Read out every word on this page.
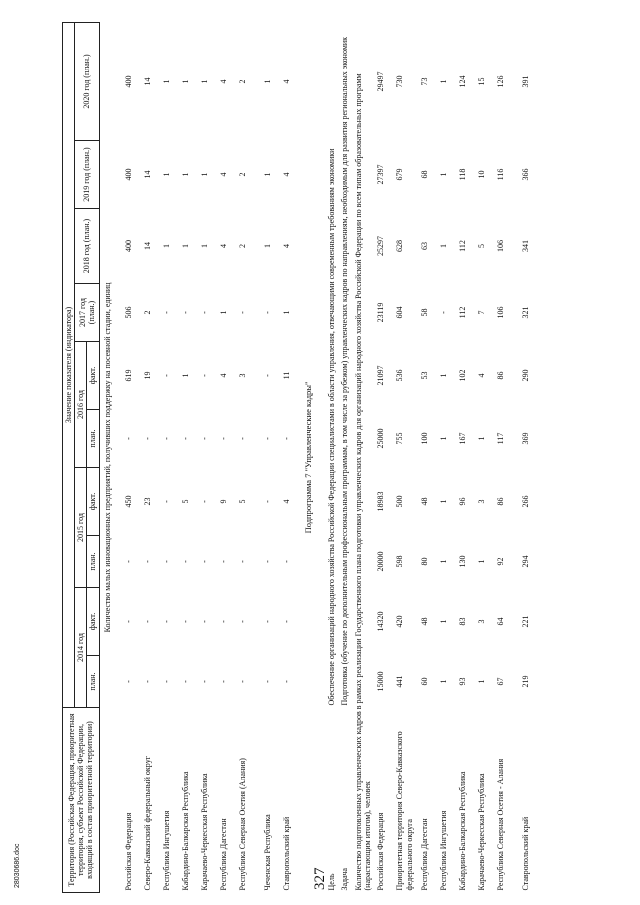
327
28030686.doc	Территория (Российская Федерация, приоритетная территория, субъект Российской Федерации, входящий в состав приоритетной территории)	Значение показателя (индикатора)									
	2014 год		2015 год		2016 год		2017 год (план.)	2018 год (план.)	2019 год (план.)	2020 год (план.)
	план.	факт.	план.	факт.	план.	факт.				
Количество малых инновационных предприятий, получивших поддержку на посевной стадии, единиц										
Российская Федерация	-	-	-	450	-	619	506	400	400	400
Северо-Кавказский федеральный округ	-	-	-	23	-	19	2	14	14	14
Республика Ингушетия	-	-	-	-	-	-	-	1	1	1
Кабардино-Балкарская Республика	-	-	-	5	-	1	-	1	1	1
Карачаево-Черкесская Республика	-	-	-	-	-	-	-	1	1	1
Республика Дагестан	-	-	-	9	-	4	1	4	4	4
Республика Северная Осетия (Алания)	-	-	-	5	-	3	-	2	2	2
Чеченская Республика	-	-	-	-	-	-	-	1	1	1
Ставропольский край	-	-	-	4	-	11	1	4	4	4
Подпрограмма 7 "Управленческие кадры"										
Цель	Обеспечение организаций народного хозяйства Российской Федерации специалистами в области управления, отвечающими современным требованиям экономики									
Задача	Подготовка (обучение по дополнительным профессиональным программам, в том числе за рубежом) управленческих кадров по направлениям, необходимым для развития региональных экономик									
Количество подготовленных управленческих кадров в рамках реализации Государственного плана подготовки управленческих кадров для организаций народного хозяйства Российской Федерации по всем типам образовательных программ (нарастающим итогом), человек										
Российская Федерация	15000	14320	20000	18983	25000	21097	23119	25297	27397	29497
Приоритетная территория Северо-Кавказского федерального округа	441	420	598	500	755	536	604	628	679	730
Республика Дагестан	60	48	80	48	100	53	58	63	68	73
Республика Ингушетия	1	1	1	1	1	1	-	1	1	1
Кабардино-Балкарская Республика	93	83	130	96	167	102	112	112	118	124
Карачаево-Черкесская Республика	1	3	1	3	1	4	7	5	10	15
Республика Северная Осетия - Алания	67	64	92	86	117	86	106	106	116	126
Ставропольский край	219	221	294	266	369	290	321	341	366	391
